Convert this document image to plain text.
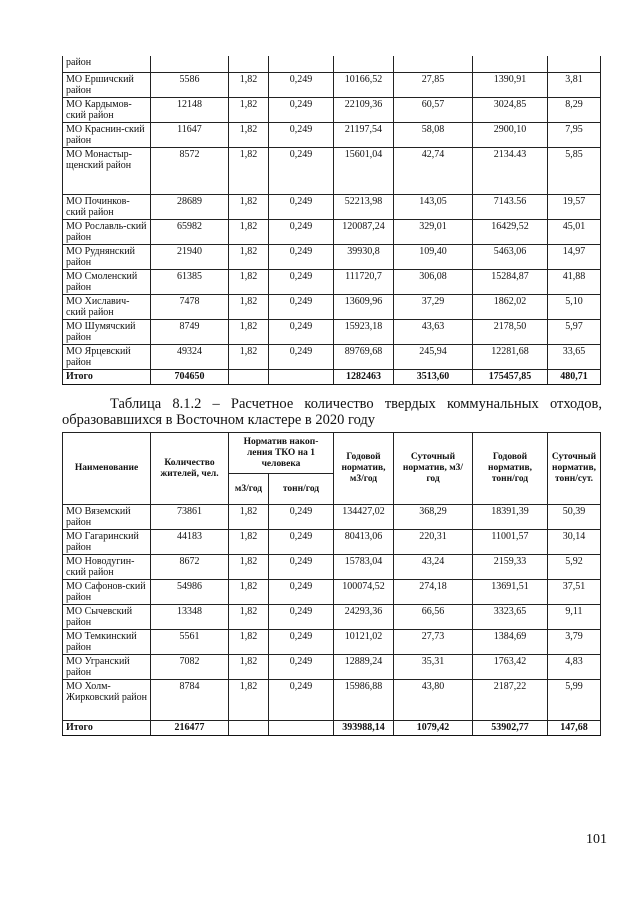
район							
МО Ершичский район	5586	1,82	0,249	10166,52	27,85	1390,91	3,81
МО Кардымов-ский район	12148	1,82	0,249	22109,36	60,57	3024,85	8,29
МО Краснин-ский район	11647	1,82	0,249	21197,54	58,08	2900,10	7,95
МО Монастыр-щенский район	8572	1,82	0,249	15601,04	42,74	2134.43	5,85
МО Починков-ский район	28689	1,82	0,249	52213,98	143,05	7143.56	19,57
МО Рославль-ский район	65982	1,82	0,249	120087,24	329,01	16429,52	45,01
МО Руднянский район	21940	1,82	0,249	39930,8	109,40	5463,06	14,97
МО Смоленский район	61385	1,82	0,249	111720,7	306,08	15284,87	41,88
МО Хиславич-ский район	7478	1,82	0,249	13609,96	37,29	1862,02	5,10
МО Шумячский район	8749	1,82	0,249	15923,18	43,63	2178,50	5,97
МО Ярцевский район	49324	1,82	0,249	89769,68	245,94	12281,68	33,65
Итого	704650			1282463	3513,60	175457,85	480,71
Таблица 8.1.2 – Расчетное количество твердых коммунальных отходов, образовавшихся в Восточном кластере в 2020 году
Наименование	Количество жителей, чел.	Норматив накоп-ления ТКО на 1 человека		Годовой норматив, м3/год	Суточный норматив, м3/год	Годовой норматив, тонн/год	Суточный норматив, тонн/сут.
		м3/год	тонн/год				
МО Вяземский район	73861	1,82	0,249	134427,02	368,29	18391,39	50,39
МО Гагаринский район	44183	1,82	0,249	80413,06	220,31	11001,57	30,14
МО Новодугин-ский район	8672	1,82	0,249	15783,04	43,24	2159,33	5,92
МО Сафонов-ский район	54986	1,82	0,249	100074,52	274,18	13691,51	37,51
МО Сычевский район	13348	1,82	0,249	24293,36	66,56	3323,65	9,11
МО Темкинский район	5561	1,82	0,249	10121,02	27,73	1384,69	3,79
МО Угранский район	7082	1,82	0,249	12889,24	35,31	1763,42	4,83
МО Холм-Жирковский район	8784	1,82	0,249	15986,88	43,80	2187,22	5,99
Итого	216477			393988,14	1079,42	53902,77	147,68
101
